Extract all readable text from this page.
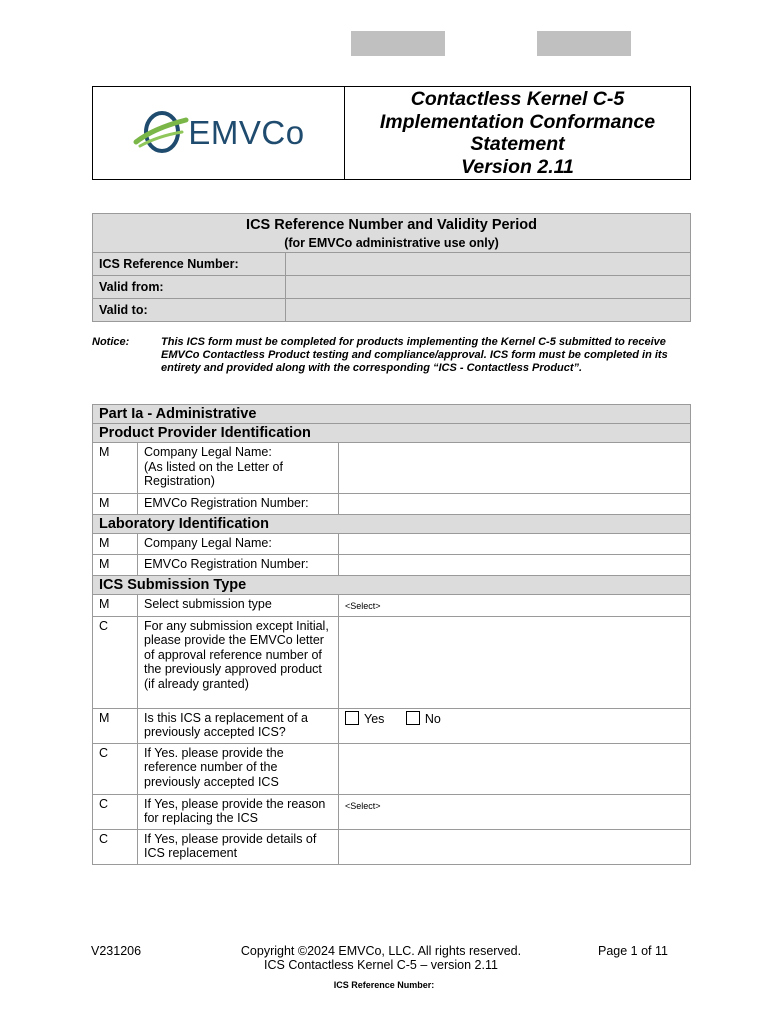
EMVCo
Contactless Kernel C-5
Implementation Conformance
Statement
Version 2.11
ICS Reference Number and Validity Period
(for EMVCo administrative use only)	

ICS Reference Number:	
Valid from:	
Valid to:	
Notice:	This ICS form must be completed for products implementing the Kernel C-5 submitted to receive EMVCo Contactless Product testing and compliance/approval. ICS form must be completed in its entirety and provided along with the corresponding “ICS - Contactless Product”.
Part Ia - Administrative		
Product Provider Identification		
M	Company Legal Name:
(As listed on the Letter of Registration)	
M	EMVCo Registration Number:	
Laboratory Identification		
M	Company Legal Name:	
M	EMVCo Registration Number:	
ICS Submission Type		
M	Select submission type	<Select>
C	For any submission except Initial, please provide the EMVCo letter of approval reference number of the previously approved product (if already granted)	
M	Is this ICS a replacement of a previously accepted ICS?	Yes No
C	If Yes. please provide the reference number of the previously accepted ICS	
C	If Yes, please provide the reason for replacing the ICS	<Select>
C	If Yes, please provide details of ICS replacement	
V231206	Copyright ©2024 EMVCo, LLC. All rights reserved.
ICS Contactless Kernel C-5 – version 2.11
Page 1 of 11
ICS Reference Number:
